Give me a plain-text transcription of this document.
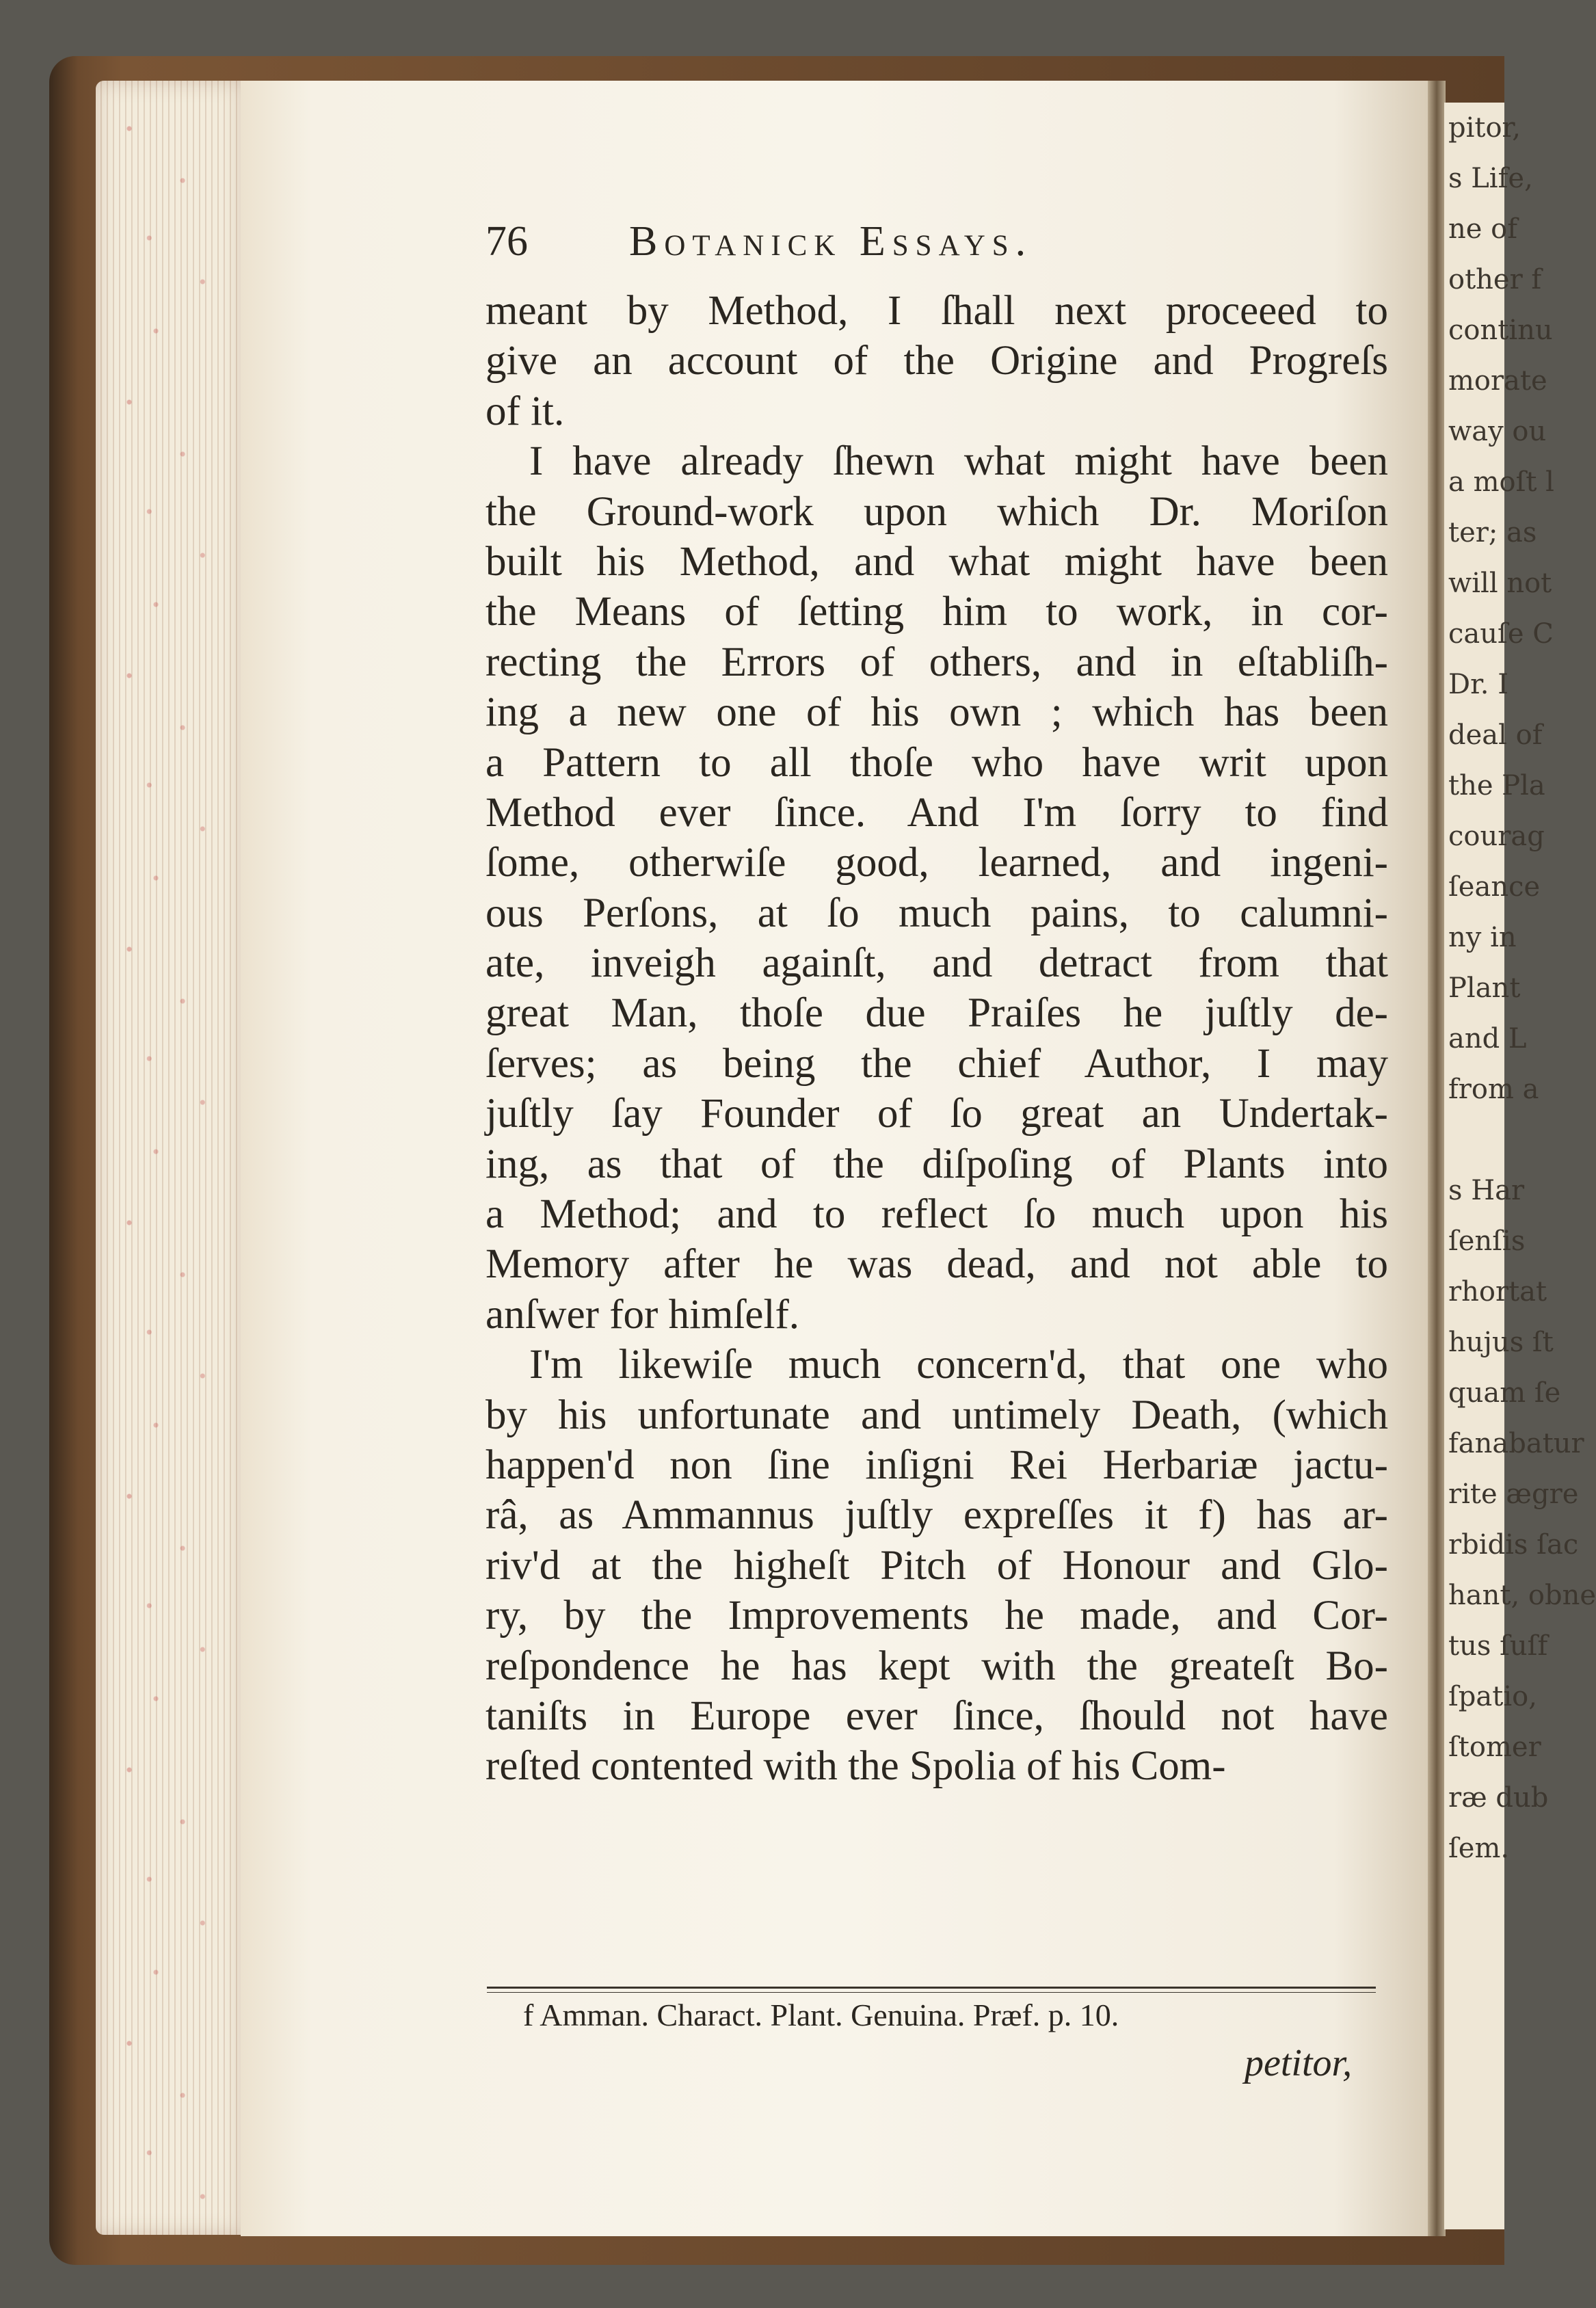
pitor,
s Life,
ne of
other f
continu
morate
way ou
a moſt l
ter; as
will not
cauſe C
Dr. I
deal of
the Pla
courag
ſeance
ny in
Plant
and L
from a
s Har
ſenſis
rhortat
hujus ſt
quam ſe
fanabatur
rite ægre
rbidis ſac
hant, obne
tus ſuſf
ſpatio,
ſtomer
ræ dub
ſem.
76 Botanick Essays.
meant by Method, I ſhall next proceeed to
give an account of the Origine and Progreſs
of it.
I have already ſhewn what might have been
the Ground-work upon which Dr. Moriſon
built his Method, and what might have been
the Means of ſetting him to work, in cor-
recting the Errors of others, and in eſtabliſh-
ing a new one of his own ; which has been
a Pattern to all thoſe who have writ upon
Method ever ſince. And I'm ſorry to find
ſome, otherwiſe good, learned, and ingeni-
ous Perſons, at ſo much pains, to calumni-
ate, inveigh againſt, and detract from that
great Man, thoſe due Praiſes he juſtly de-
ſerves; as being the chief Author, I may
juſtly ſay Founder of ſo great an Undertak-
ing, as that of the diſpoſing of Plants into
a Method; and to reflect ſo much upon his
Memory after he was dead, and not able to
anſwer for himſelf.
I'm likewiſe much concern'd, that one who
by his unfortunate and untimely Death, (which
happen'd non ſine inſigni Rei Herbariæ jactu-
râ, as Ammannus juſtly expreſſes it f) has ar-
riv'd at the higheſt Pitch of Honour and Glo-
ry, by the Improvements he made, and Cor-
reſpondence he has kept with the greateſt Bo-
taniſts in Europe ever ſince, ſhould not have
reſted contented with the Spolia of his Com-
f Amman. Charact. Plant. Genuina. Præf. p. 10.
petitor,
